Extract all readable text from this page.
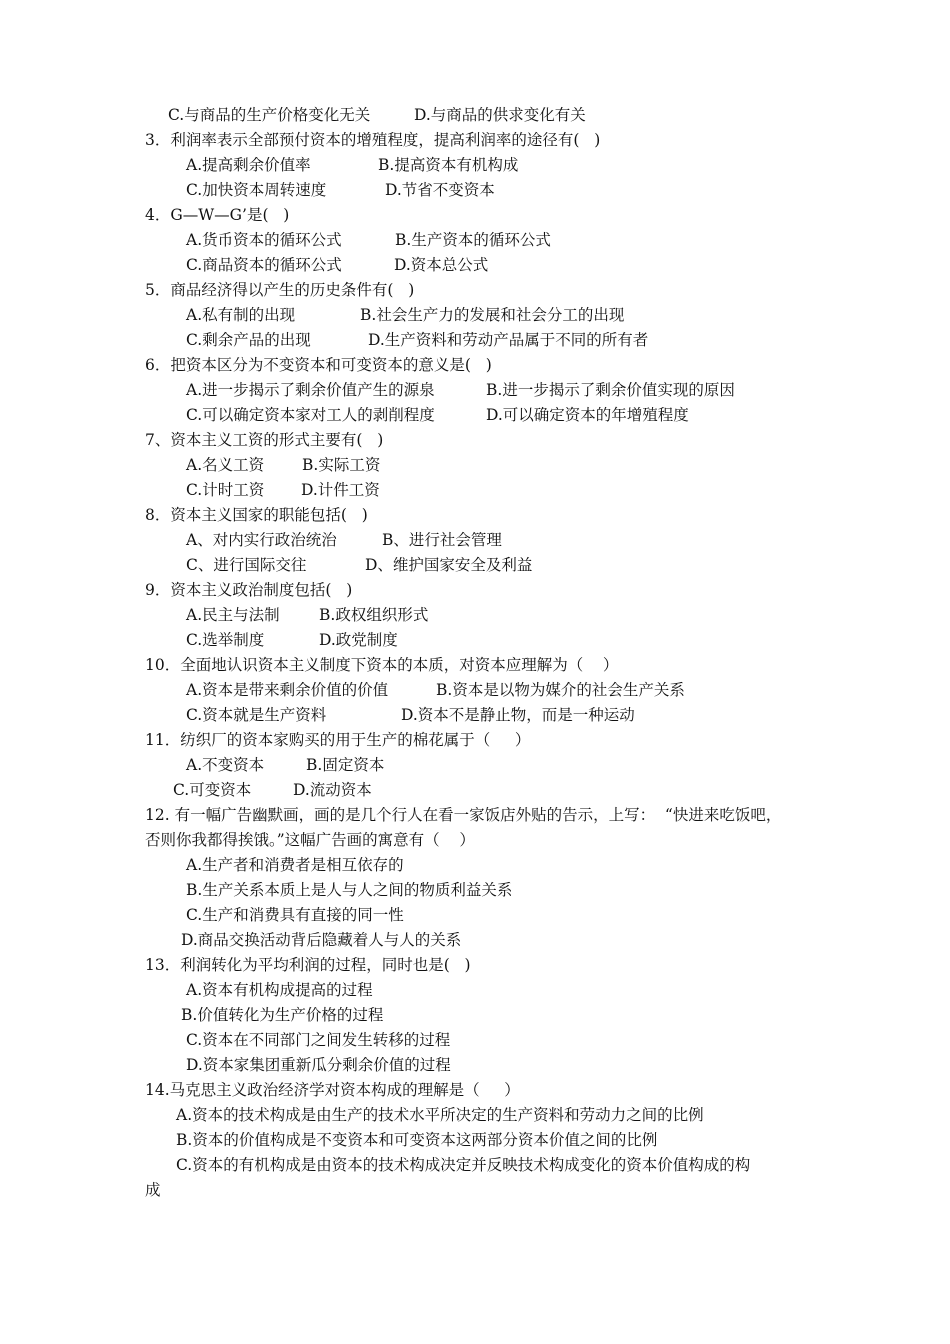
C.与商品的生产价格变化无关	D.与商品的供求变化有关
3．利润率表示全部预付资本的增殖程度，提高利润率的途径有(   )
A.提高剩余价值率	B.提高资本有机构成
C.加快资本周转速度	D.节省不变资本
4．G—W—G’是(   )
A.货币资本的循环公式	B.生产资本的循环公式
C.商品资本的循环公式	D.资本总公式
5．商品经济得以产生的历史条件有(   )
A.私有制的出现	B.社会生产力的发展和社会分工的出现
C.剩余产品的出现	D.生产资料和劳动产品属于不同的所有者
6．把资本区分为不变资本和可变资本的意义是(   )
A.进一步揭示了剩余价值产生的源泉	B.进一步揭示了剩余价值实现的原因
C.可以确定资本家对工人的剥削程度	D.可以确定资本的年增殖程度
7、资本主义工资的形式主要有(   )
A.名义工资 B.实际工资
C.计时工资 D.计件工资
8．资本主义国家的职能包括(   )
A、对内实行政治统治	B、进行社会管理
C、进行国际交往	D、维护国家安全及利益
9．资本主义政治制度包括(   )
A.民主与法制	B.政权组织形式
C.选举制度	D.政党制度
10．全面地认识资本主义制度下资本的本质，对资本应理解为（    ）
A.资本是带来剩余价值的价值	B.资本是以物为媒介的社会生产关系
C.资本就是生产资料	D.资本不是静止物，而是一种运动
11．纺织厂的资本家购买的用于生产的棉花属于（     ）
A.不变资本	B.固定资本
C.可变资本	D.流动资本
12. 有一幅广告幽默画，画的是几个行人在看一家饭店外贴的告示，上写：  “快进来吃饭吧，
否则你我都得挨饿。”这幅广告画的寓意有（    ）
A.生产者和消费者是相互依存的
B.生产关系本质上是人与人之间的物质利益关系
C.生产和消费具有直接的同一性
D.商品交换活动背后隐藏着人与人的关系
13．利润转化为平均利润的过程，同时也是(   )
A.资本有机构成提高的过程
B.价值转化为生产价格的过程
C.资本在不同部门之间发生转移的过程
D.资本家集团重新瓜分剩余价值的过程
14.马克思主义政治经济学对资本构成的理解是（     ）
A.资本的技术构成是由生产的技术水平所决定的生产资料和劳动力之间的比例
B.资本的价值构成是不变资本和可变资本这两部分资本价值之间的比例
C.资本的有机构成是由资本的技术构成决定并反映技术构成变化的资本价值构成的构
成
